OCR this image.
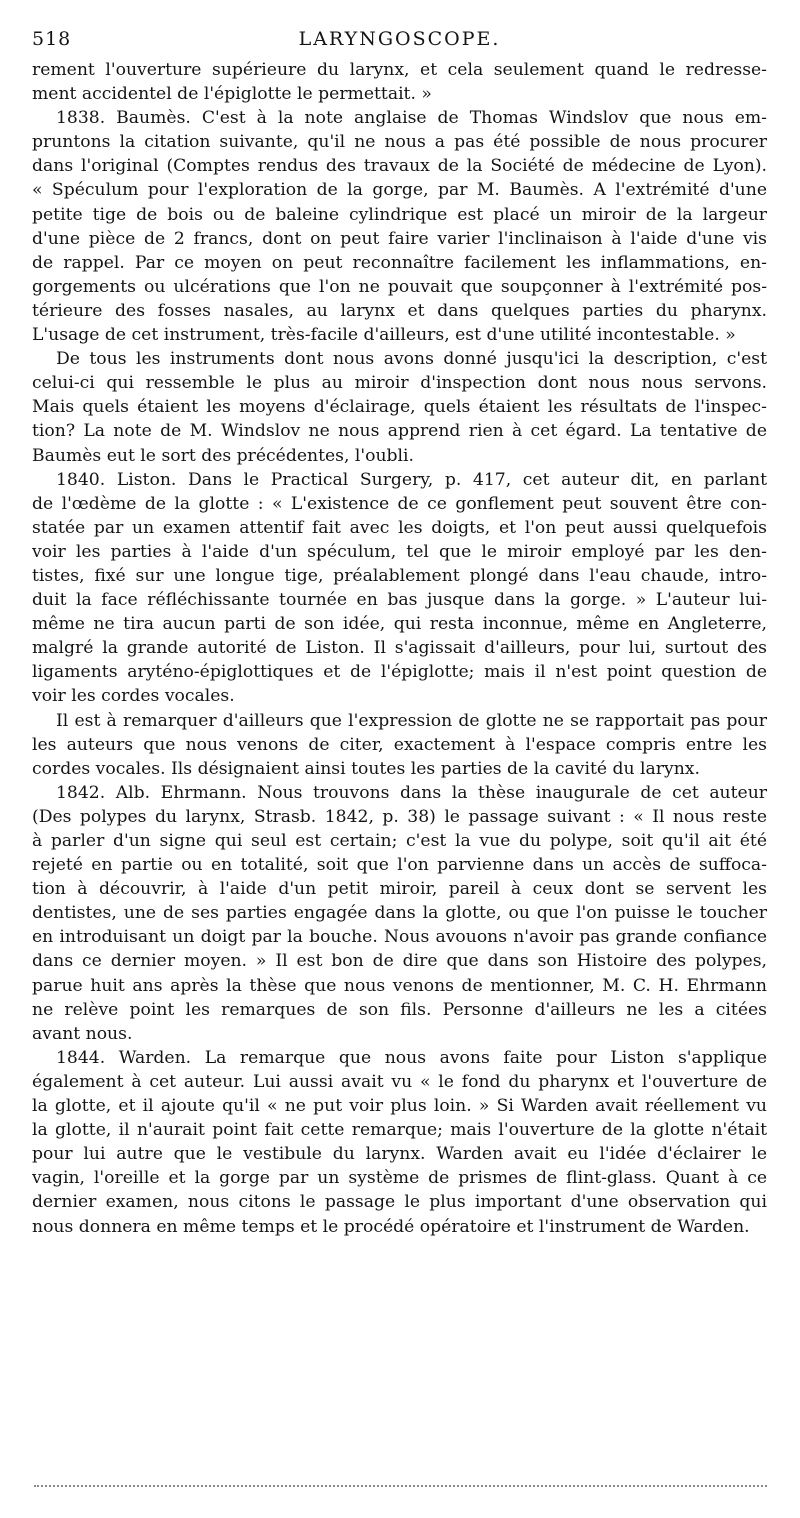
518	LARYNGOSCOPE.
rement l'ouverture supérieure du larynx, et cela seulement quand le redresse-
ment accidentel de l'épiglotte le permettait. »
1838. Baumès. C'est à la note anglaise de Thomas Windslov que nous em-
pruntons la citation suivante, qu'il ne nous a pas été possible de nous procurer
dans l'original (Comptes rendus des travaux de la Société de médecine de Lyon).
« Spéculum pour l'exploration de la gorge, par M. Baumès. A l'extrémité d'une
petite tige de bois ou de baleine cylindrique est placé un miroir de la largeur
d'une pièce de 2 francs, dont on peut faire varier l'inclinaison à l'aide d'une vis
de rappel. Par ce moyen on peut reconnaître facilement les inflammations, en-
gorgements ou ulcérations que l'on ne pouvait que soupçonner à l'extrémité pos-
térieure des fosses nasales, au larynx et dans quelques parties du pharynx.
L'usage de cet instrument, très-facile d'ailleurs, est d'une utilité incontestable. »
De tous les instruments dont nous avons donné jusqu'ici la description, c'est
celui-ci qui ressemble le plus au miroir d'inspection dont nous nous servons.
Mais quels étaient les moyens d'éclairage, quels étaient les résultats de l'inspec-
tion? La note de M. Windslov ne nous apprend rien à cet égard. La tentative de
Baumès eut le sort des précédentes, l'oubli.
1840. Liston. Dans le Practical Surgery, p. 417, cet auteur dit, en parlant
de l'œdème de la glotte : « L'existence de ce gonflement peut souvent être con-
statée par un examen attentif fait avec les doigts, et l'on peut aussi quelquefois
voir les parties à l'aide d'un spéculum, tel que le miroir employé par les den-
tistes, fixé sur une longue tige, préalablement plongé dans l'eau chaude, intro-
duit la face réfléchissante tournée en bas jusque dans la gorge. » L'auteur lui-
même ne tira aucun parti de son idée, qui resta inconnue, même en Angleterre,
malgré la grande autorité de Liston. Il s'agissait d'ailleurs, pour lui, surtout des
ligaments aryténo-épiglottiques et de l'épiglotte; mais il n'est point question de
voir les cordes vocales.
Il est à remarquer d'ailleurs que l'expression de glotte ne se rapportait pas pour
les auteurs que nous venons de citer, exactement à l'espace compris entre les
cordes vocales. Ils désignaient ainsi toutes les parties de la cavité du larynx.
1842. Alb. Ehrmann. Nous trouvons dans la thèse inaugurale de cet auteur
(Des polypes du larynx, Strasb. 1842, p. 38) le passage suivant : « Il nous reste
à parler d'un signe qui seul est certain; c'est la vue du polype, soit qu'il ait été
rejeté en partie ou en totalité, soit que l'on parvienne dans un accès de suffoca-
tion à découvrir, à l'aide d'un petit miroir, pareil à ceux dont se servent les
dentistes, une de ses parties engagée dans la glotte, ou que l'on puisse le toucher
en introduisant un doigt par la bouche. Nous avouons n'avoir pas grande confiance
dans ce dernier moyen. » Il est bon de dire que dans son Histoire des polypes,
parue huit ans après la thèse que nous venons de mentionner, M. C. H. Ehrmann
ne relève point les remarques de son fils. Personne d'ailleurs ne les a citées
avant nous.
1844. Warden. La remarque que nous avons faite pour Liston s'applique
également à cet auteur. Lui aussi avait vu « le fond du pharynx et l'ouverture de
la glotte, et il ajoute qu'il « ne put voir plus loin. » Si Warden avait réellement vu
la glotte, il n'aurait point fait cette remarque; mais l'ouverture de la glotte n'était
pour lui autre que le vestibule du larynx. Warden avait eu l'idée d'éclairer le
vagin, l'oreille et la gorge par un système de prismes de flint-glass. Quant à ce
dernier examen, nous citons le passage le plus important d'une observation qui
nous donnera en même temps et le procédé opératoire et l'instrument de Warden.
